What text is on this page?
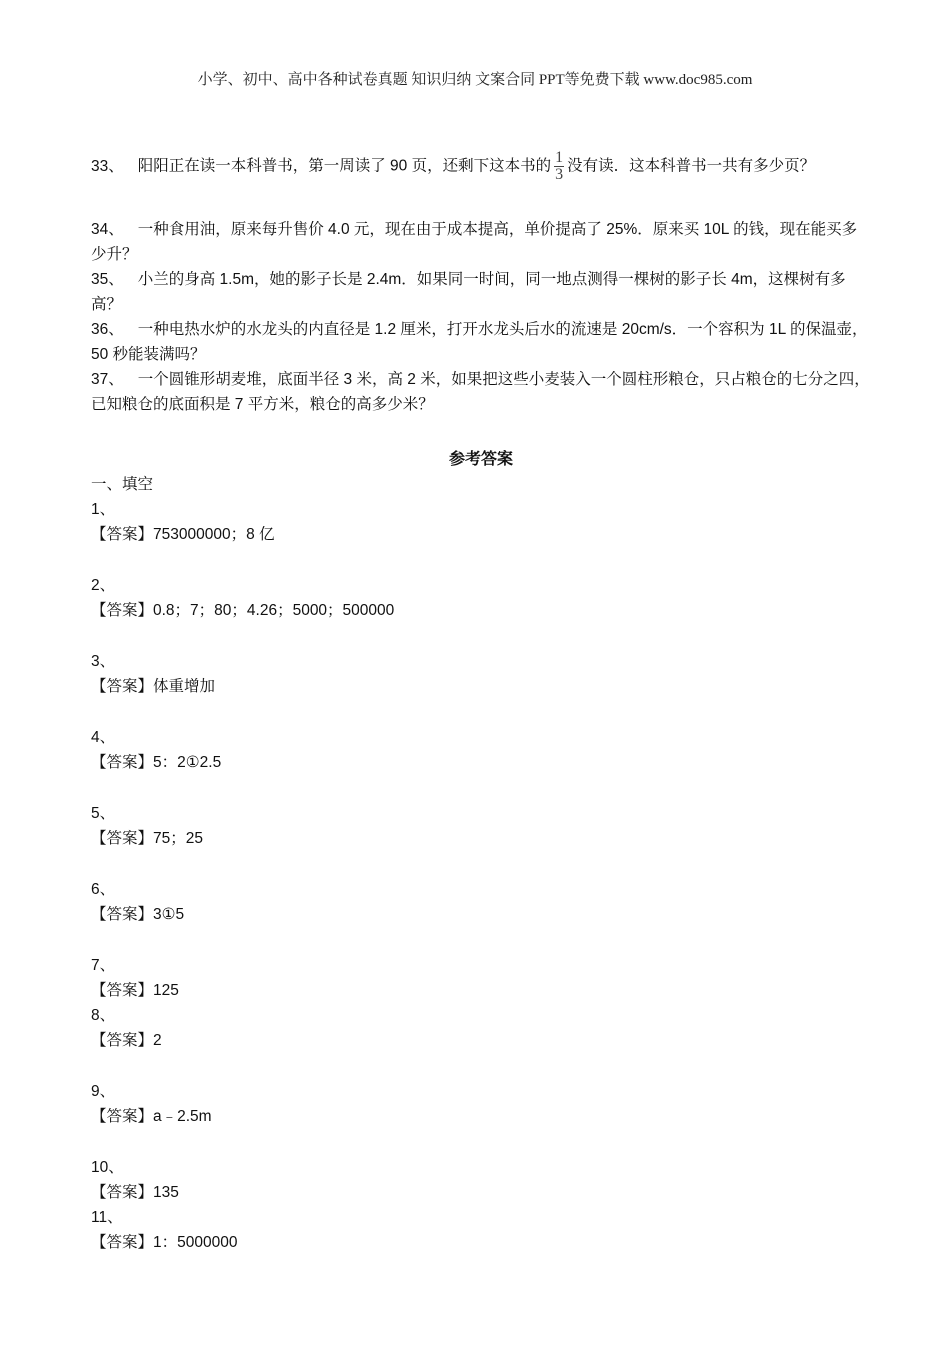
小学、初中、高中各种试卷真题 知识归纳 文案合同 PPT等免费下载 www.doc985.com

33、 阳阳正在读一本科普书，第一周读了 90 页，还剩下这本书的 $\frac{1}{3}$ 没有读．这本科普书一共有多少页？

34、 一种食用油，原来每升售价 4.0 元，现在由于成本提高，单价提高了 25%．原来买 10L 的钱，现在能买多少升？

35、 小兰的身高 1.5m，她的影子长是 2.4m．如果同一时间，同一地点测得一棵树的影子长 4m，这棵树有多高？

36、 一种电热水炉的水龙头的内直径是 1.2 厘米，打开水龙头后水的流速是 20cm/s．一个容积为 1L 的保温壶，50 秒能装满吗？

37、 一个圆锥形胡麦堆，底面半径 3 米，高 2 米，如果把这些小麦装入一个圆柱形粮仓，只占粮仓的七分之四，已知粮仓的底面积是 7 平方米，粮仓的高多少米？

参考答案

一、填空

1、

【答案】753000000；8 亿

2、

【答案】0.8；7；80；4.26；5000；500000

3、

【答案】体重增加

4、

【答案】5：2①2.5

5、

【答案】75；25

6、

【答案】3①5

7、

【答案】125

8、

【答案】2

9、

【答案】a﹣2.5m

10、

【答案】135

11、

【答案】1：5000000
